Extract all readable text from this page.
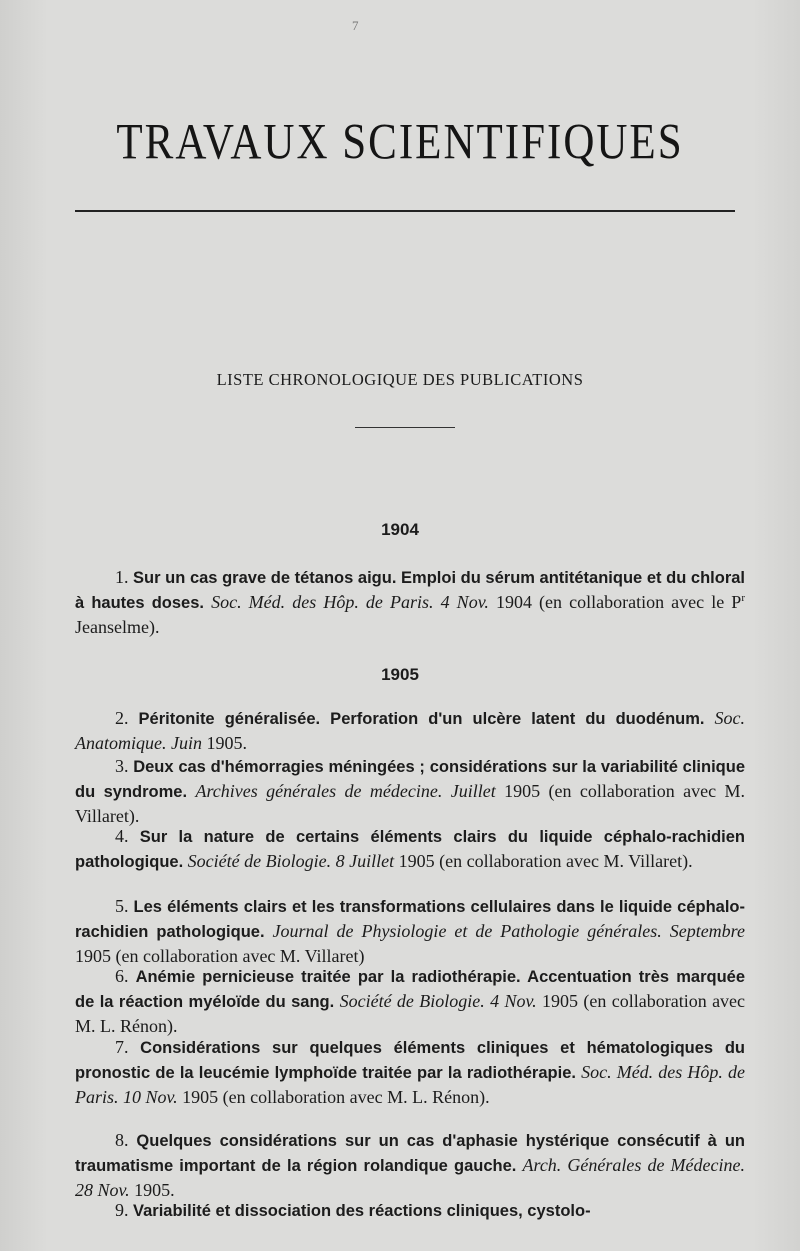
7
TRAVAUX SCIENTIFIQUES
LISTE CHRONOLOGIQUE DES PUBLICATIONS
1904
1. Sur un cas grave de tétanos aigu. Emploi du sérum antitétanique et du chloral à hautes doses. Soc. Méd. des Hôp. de Paris. 4 Nov. 1904 (en collaboration avec le $P^r$ Jeanselme).
1905
2. Péritonite généralisée. Perforation d'un ulcère latent du duodénum. Soc. Anatomique. Juin 1905.
3. Deux cas d'hémorragies méningées ; considérations sur la variabilité clinique du syndrome. Archives générales de médecine. Juillet 1905 (en collaboration avec M. Villaret).
4. Sur la nature de certains éléments clairs du liquide céphalo-rachidien pathologique. Société de Biologie. 8 Juillet 1905 (en collaboration avec M. Villaret).
5. Les éléments clairs et les transformations cellulaires dans le liquide céphalo-rachidien pathologique. Journal de Physiologie et de Pathologie générales. Septembre 1905 (en collaboration avec M. Villaret)
6. Anémie pernicieuse traitée par la radiothérapie. Accentuation très marquée de la réaction myéloïde du sang. Société de Biologie. 4 Nov. 1905 (en collaboration avec M. L. Rénon).
7. Considérations sur quelques éléments cliniques et hématologiques du pronostic de la leucémie lymphoïde traitée par la radiothérapie. Soc. Méd. des Hôp. de Paris. 10 Nov. 1905 (en collaboration avec M. L. Rénon).
8. Quelques considérations sur un cas d'aphasie hystérique consécutif à un traumatisme important de la région rolandique gauche. Arch. Générales de Médecine. 28 Nov. 1905.
9. Variabilité et dissociation des réactions cliniques, cystolo-
